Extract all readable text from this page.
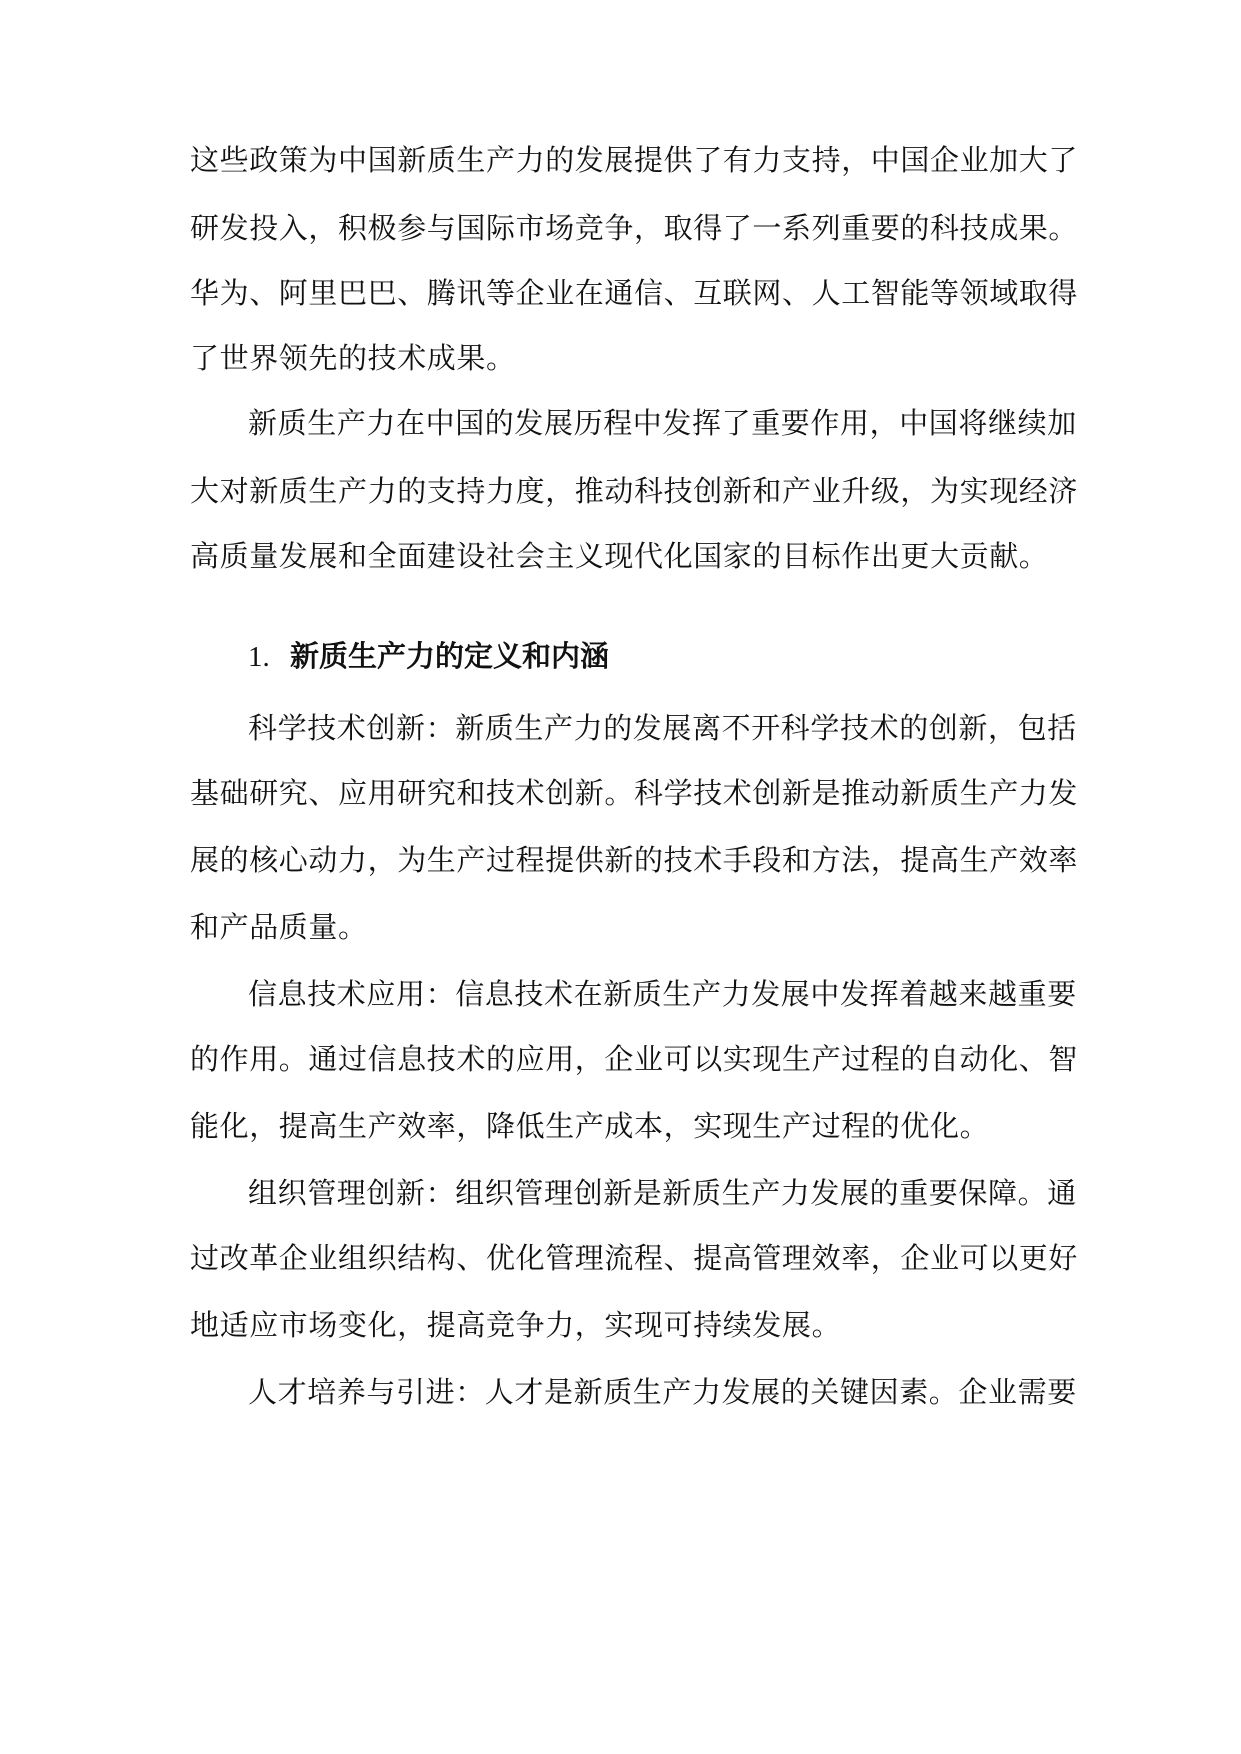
这些政策为中国新质生产力的发展提供了有力支持，中国企业加大了
研发投入，积极参与国际市场竞争，取得了一系列重要的科技成果。
华为、阿里巴巴、腾讯等企业在通信、互联网、人工智能等领域取得
了世界领先的技术成果。
新质生产力在中国的发展历程中发挥了重要作用，中国将继续加
大对新质生产力的支持力度，推动科技创新和产业升级，为实现经济
高质量发展和全面建设社会主义现代化国家的目标作出更大贡献。
1. 新质生产力的定义和内涵
科学技术创新：新质生产力的发展离不开科学技术的创新，包括
基础研究、应用研究和技术创新。科学技术创新是推动新质生产力发
展的核心动力，为生产过程提供新的技术手段和方法，提高生产效率
和产品质量。
信息技术应用：信息技术在新质生产力发展中发挥着越来越重要
的作用。通过信息技术的应用，企业可以实现生产过程的自动化、智
能化，提高生产效率，降低生产成本，实现生产过程的优化。
组织管理创新：组织管理创新是新质生产力发展的重要保障。通
过改革企业组织结构、优化管理流程、提高管理效率，企业可以更好
地适应市场变化，提高竞争力，实现可持续发展。
人才培养与引进：人才是新质生产力发展的关键因素。企业需要
